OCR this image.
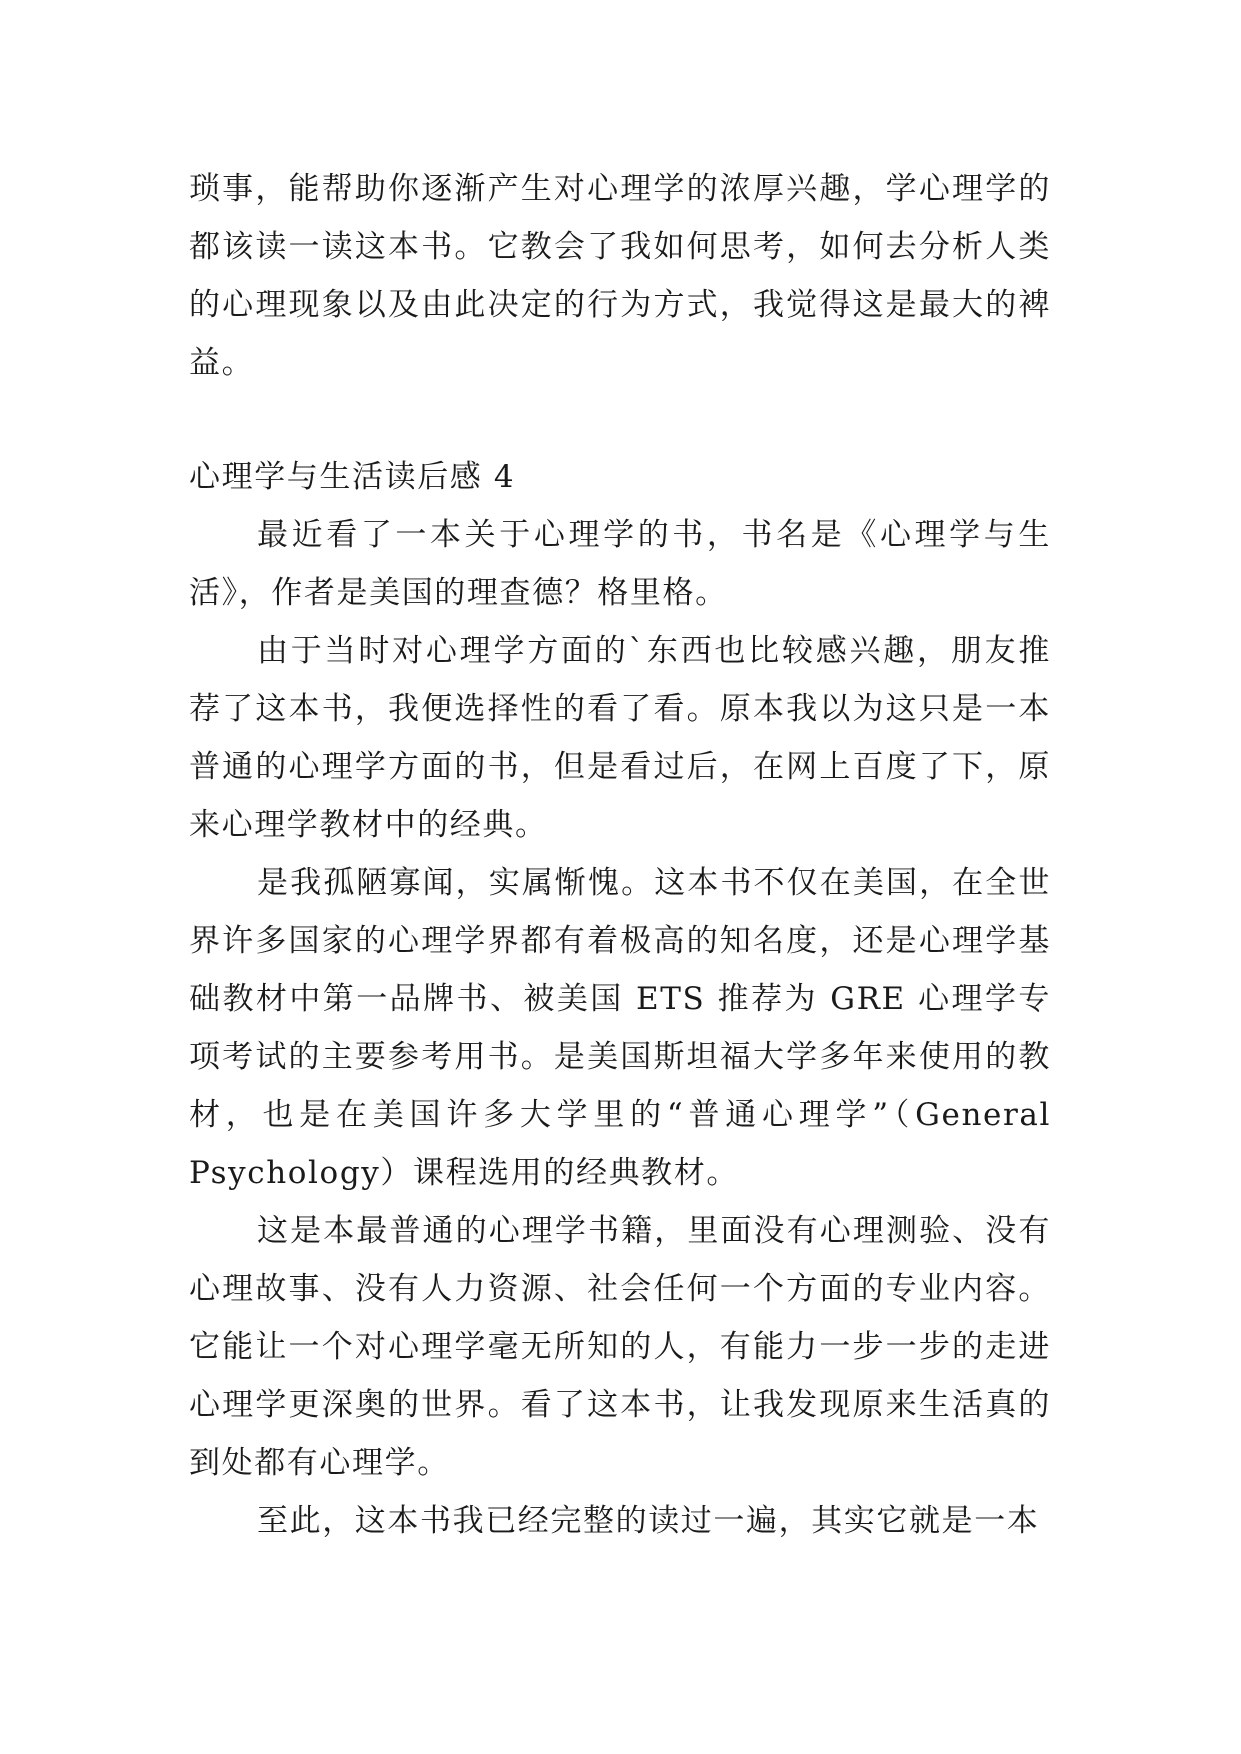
琐事，能帮助你逐渐产生对心理学的浓厚兴趣，学心理学的都该读一读这本书。它教会了我如何思考，如何去分析人类的心理现象以及由此决定的行为方式，我觉得这是最大的裨益。

心理学与生活读后感 4

最近看了一本关于心理学的书，书名是《心理学与生活》，作者是美国的理查德？格里格。

由于当时对心理学方面的`东西也比较感兴趣，朋友推荐了这本书，我便选择性的看了看。原本我以为这只是一本普通的心理学方面的书，但是看过后，在网上百度了下，原来心理学教材中的经典。

是我孤陋寡闻，实属惭愧。这本书不仅在美国，在全世界许多国家的心理学界都有着极高的知名度，还是心理学基础教材中第一品牌书、被美国 ETS 推荐为 GRE 心理学专项考试的主要参考用书。是美国斯坦福大学多年来使用的教材，也是在美国许多大学里的“普通心理学”（General Psychology）课程选用的经典教材。

这是本最普通的心理学书籍，里面没有心理测验、没有心理故事、没有人力资源、社会任何一个方面的专业内容。它能让一个对心理学毫无所知的人，有能力一步一步的走进心理学更深奥的世界。看了这本书，让我发现原来生活真的到处都有心理学。

至此，这本书我已经完整的读过一遍，其实它就是一本
